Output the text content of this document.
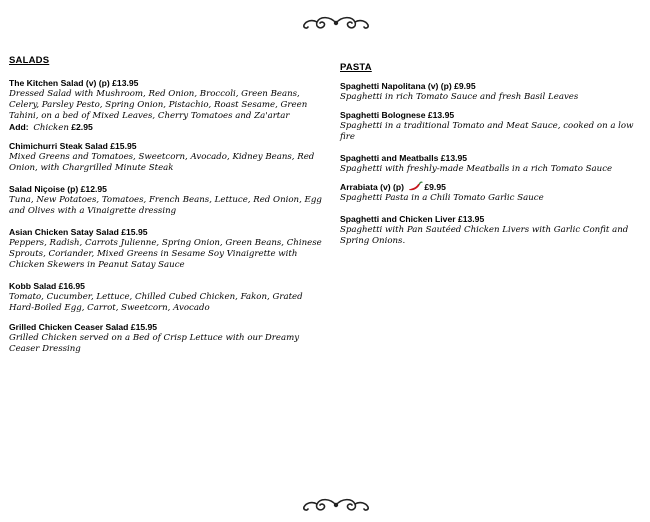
SALADS
The Kitchen Salad (v) (p) £13.95
Dressed Salad with Mushroom, Red Onion, Broccoli, Green Beans, Celery, Parsley Pesto, Spring Onion, Pistachio, Roast Sesame, Green Tahini, on a bed of Mixed Leaves, Cherry Tomatoes and Za'artar
Add: Chicken £2.95
Chimichurri Steak Salad £15.95
Mixed Greens and Tomatoes, Sweetcorn, Avocado, Kidney Beans, Red Onion, with Chargrilled Minute Steak
Salad Niçoise (p) £12.95
Tuna, New Potatoes, Tomatoes, French Beans, Lettuce, Red Onion, Egg and Olives with a Vinaigrette dressing
Asian Chicken Satay Salad £15.95
Peppers, Radish, Carrots Julienne, Spring Onion, Green Beans, Chinese Sprouts, Coriander, Mixed Greens in Sesame Soy Vinaigrette with Chicken Skewers in Peanut Satay Sauce
Kobb Salad £16.95
Tomato, Cucumber, Lettuce, Chilled Cubed Chicken, Fakon, Grated Hard-Boiled Egg, Carrot, Sweetcorn, Avocado
Grilled Chicken Ceaser Salad £15.95
Grilled Chicken served on a Bed of Crisp Lettuce with our Dreamy Ceaser Dressing
PASTA
Spaghetti Napolitana (v) (p) £9.95
Spaghetti in rich Tomato Sauce and fresh Basil Leaves
Spaghetti Bolognese £13.95
Spaghetti in a traditional Tomato and Meat Sauce, cooked on a low fire
Spaghetti and Meatballs £13.95
Spaghetti with freshly-made Meatballs in a rich Tomato Sauce
Arrabiata (v) (p) £9.95
Spaghetti Pasta in a Chili Tomato Garlic Sauce
Spaghetti and Chicken Liver £13.95
Spaghetti with Pan Sautéed Chicken Livers with Garlic Confit and Spring Onions.
